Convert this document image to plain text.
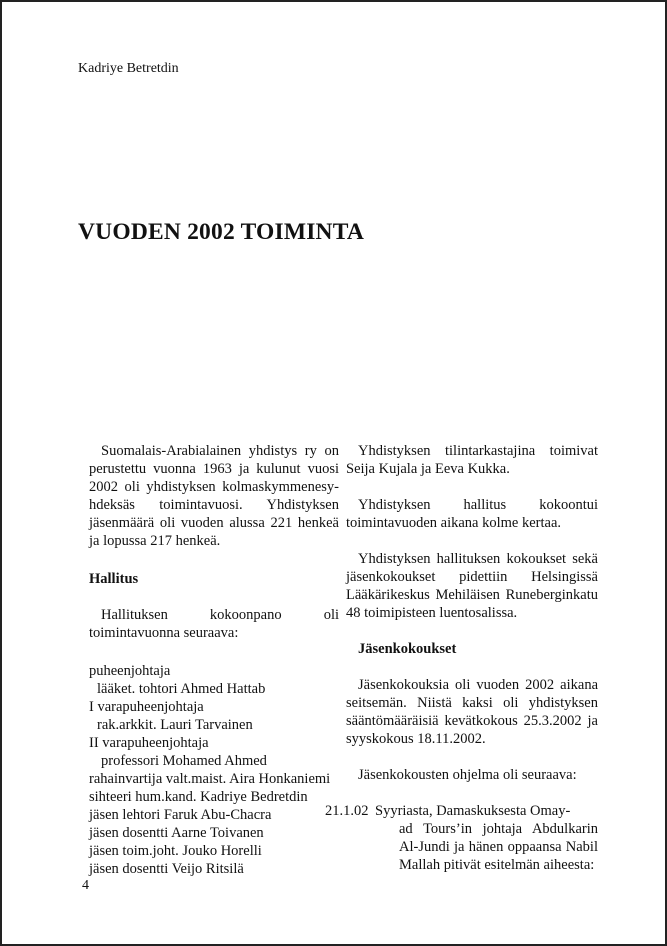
Kadriye Betretdin
VUODEN 2002 TOIMINTA

Suomalais-Arabialainen yhdistys ry on perustettu vuonna 1963 ja kulunut vuosi 2002 oli yhdistyksen kolmaskymmenesy-hdeksäs toimintavuosi. Yhdistyksen jäsenmäärä oli vuoden alussa 221 henkeä ja lopussa 217 henkeä.

Hallitus

Hallituksen kokoonpano oli toimintavuonna seuraava:

puheenjohtaja
lääket. tohtori Ahmed Hattab
I varapuheenjohtaja
rak.arkkit. Lauri Tarvainen
II varapuheenjohtaja
professori Mohamed Ahmed
rahainvartija valt.maist. Aira Honkaniemi
sihteeri hum.kand. Kadriye Bedretdin
jäsen lehtori Faruk Abu-Chacra
jäsen dosentti Aarne Toivanen
jäsen toim.joht. Jouko Horelli
jäsen dosentti Veijo Ritsilä

Yhdistyksen tilintarkastajina toimivat Seija Kujala ja Eeva Kukka.

Yhdistyksen hallitus kokoontui toimintavuoden aikana kolme kertaa.

Yhdistyksen hallituksen kokoukset sekä jäsenkokoukset pidettiin Helsingissä Lääkärikeskus Mehiläisen Runeberginkatu 48 toimipisteen luentosalissa.

Jäsenkokoukset

Jäsenkokouksia oli vuoden 2002 aikana seitsemän. Niistä kaksi oli yhdistyksen sääntömääräisiä kevätkokous 25.3.2002 ja syyskokous 18.11.2002.

Jäsenkokousten ohjelma oli seuraava:

21.1.02 Syyriasta, Damaskuksesta Omay-
ad Tours’in johtaja Abdulkarin Al-Jundi ja hänen oppaansa Nabil Mallah pitivät esitelmän aiheesta:
4
